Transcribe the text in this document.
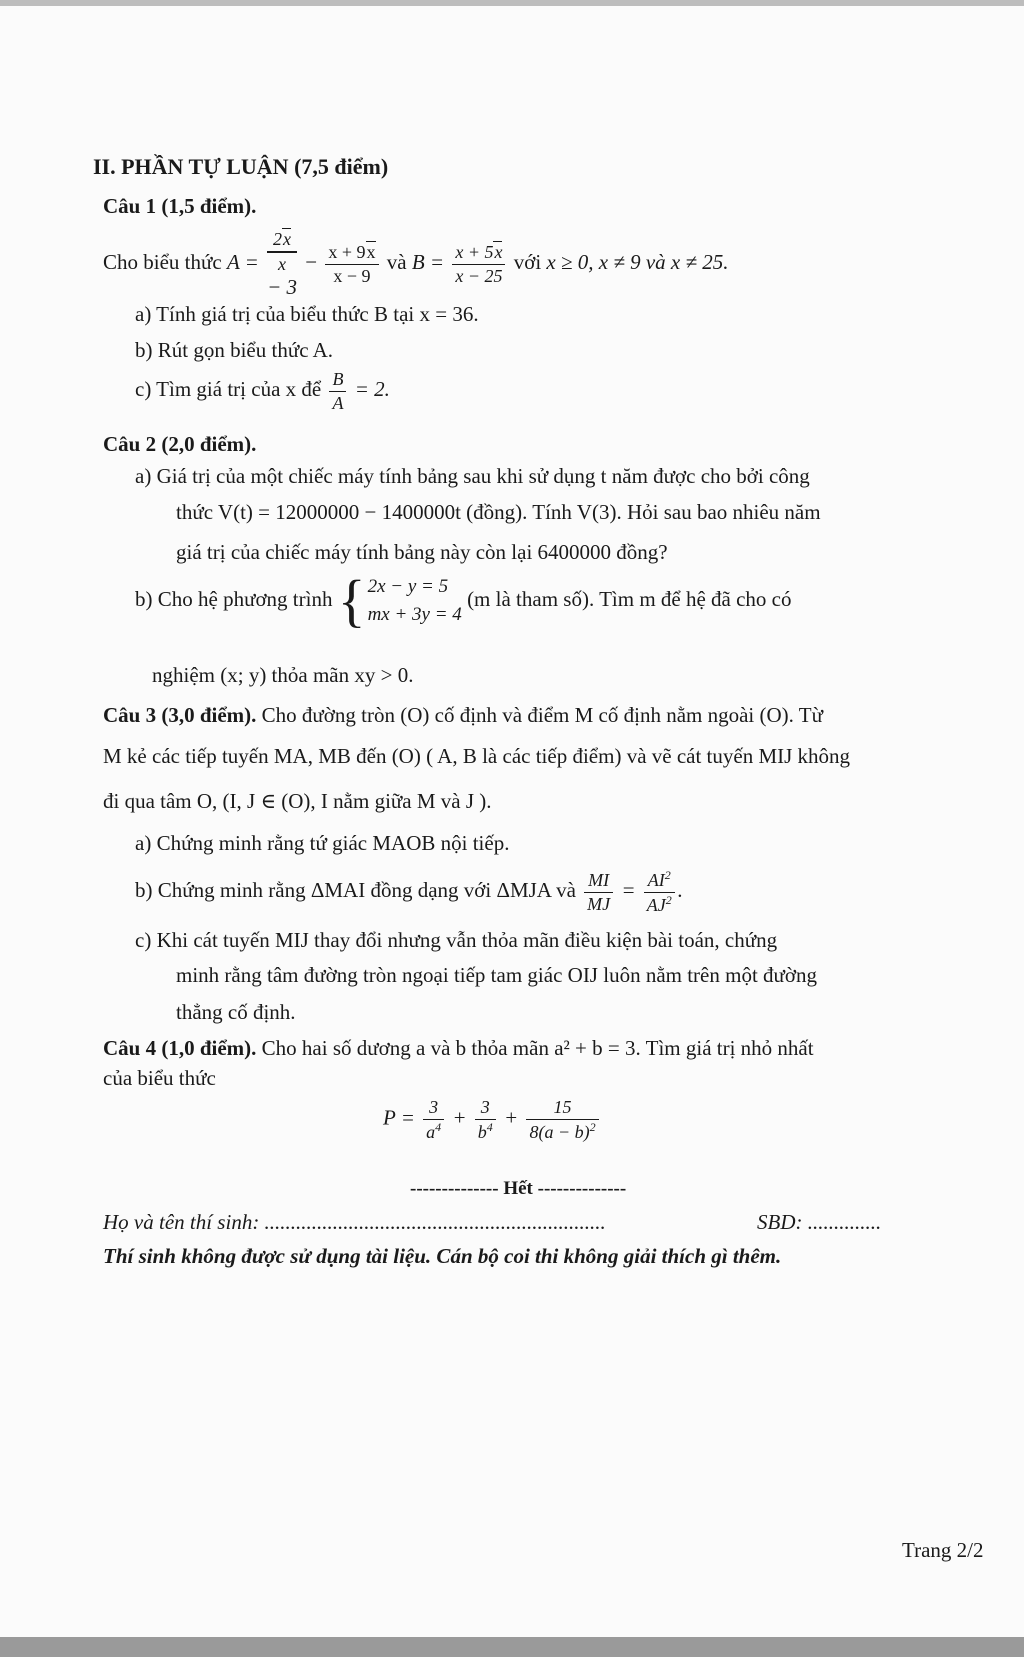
II. PHẦN TỰ LUẬN (7,5 điểm)
Câu 1 (1,5 điểm).
Cho biểu thức A =
2x
x
− $3 - \frac{x + 9x}{x - 9}$ và $B = \frac{x + 5x}{x - 25}$ với x ≥ 0, x ≠ 9 và x ≠ 25.
a) Tính giá trị của biểu thức B tại x = 36.
b) Rút gọn biểu thức A.
c) Tìm giá trị của x để $\frac{B}{A} = 2$.
Câu 2 (2,0 điểm).
a) Giá trị của một chiếc máy tính bảng sau khi sử dụng t năm được cho bởi công
thức V(t) = 12000000 − 1400000t (đồng). Tính V(3). Hỏi sau bao nhiêu năm
giá trị của chiếc máy tính bảng này còn lại 6400000 đồng?
b) Cho hệ phương trình { 2x − y = 5
mx + 3y = 4
(m là tham số). Tìm m để hệ đã cho có
nghiệm (x; y) thỏa mãn xy > 0.
Câu 3 (3,0 điểm). Cho đường tròn (O) cố định và điểm M cố định nằm ngoài (O). Từ
M kẻ các tiếp tuyến MA, MB đến (O) ( A, B là các tiếp điểm) và vẽ cát tuyến MIJ không
đi qua tâm O, (I, J ∈ (O), I nằm giữa M và J ).
a) Chứng minh rằng tứ giác MAOB nội tiếp.
b) Chứng minh rằng ΔMAI đồng dạng với ΔMJA và $\frac{MI}{MJ} = \frac{AI^2}{AJ^2}$ .
c) Khi cát tuyến MIJ thay đổi nhưng vẫn thỏa mãn điều kiện bài toán, chứng
minh rằng tâm đường tròn ngoại tiếp tam giác OIJ luôn nằm trên một đường
thẳng cố định.
Câu 4 (1,0 điểm). Cho hai số dương a và b thỏa mãn a² + b = 3. Tìm giá trị nhỏ nhất
của biểu thức
$P = \frac{3}{a^4} + \frac{3}{b^4} + \frac{15}{8(a - b)^2}$
-------------- Hết --------------
Họ và tên thí sinh: .................................................................	SBD: ..............
Thí sinh không được sử dụng tài liệu. Cán bộ coi thi không giải thích gì thêm.
Trang 2/2
